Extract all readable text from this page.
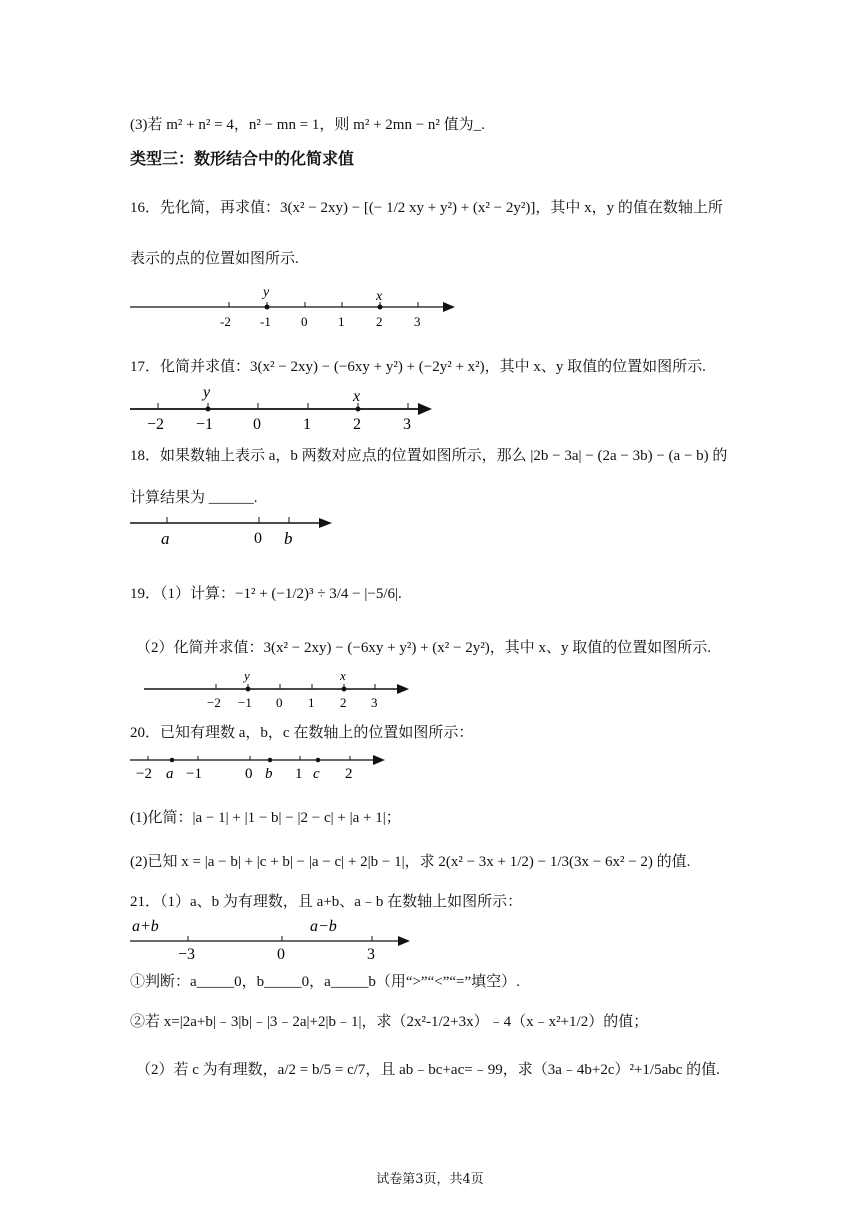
(3)若 m² + n² = 4，n² − mn = 1，则 m² + 2mn − n² 值为_.
类型三：数形结合中的化简求值
16．先化简，再求值：3(x² − 2xy) − [(− 1/2 xy + y²) + (x² − 2y²)]，其中 x，y 的值在数轴上所
表示的点的位置如图所示.
-2 -1 0 1 2 3
y	x
17．化简并求值：3(x² − 2xy) − (−6xy + y²) + (−2y² + x²)，其中 x、y 取值的位置如图所示.
−2 −1 0	1	2	3
y	x
18．如果数轴上表示 a，b 两数对应点的位置如图所示，那么 |2b − 3a| − (2a − 3b) − (a − b) 的
计算结果为 ______.
a	0 b
19．（1）计算：−1² + (−1/2)³ ÷ 3/4 − |−5/6|.
（2）化简并求值：3(x² − 2xy) − (−6xy + y²) + (x² − 2y²)，其中 x、y 取值的位置如图所示.
−2 −1 0 1 2 3
y	x
20．已知有理数 a，b，c 在数轴上的位置如图所示：
−2 a −1	0 b 1 c 2
(1)化简：|a − 1| + |1 − b| − |2 − c| + |a + 1|；
(2)已知 x = |a − b| + |c + b| − |a − c| + 2|b − 1|，求 2(x² − 3x + 1/2) − 1/3(3x − 6x² − 2) 的值.
21．（1）a、b 为有理数，且 a+b、a﹣b 在数轴上如图所示：
a+b	a−b
−3	0	3
①判断：a_____0，b_____0，a_____b（用“>”“<”“=”填空）.
②若 x=|2a+b|﹣3|b|﹣|3﹣2a|+2|b﹣1|，求（2x²-1/2+3x）﹣4（x﹣x²+1/2）的值；
（2）若 c 为有理数，a/2 = b/5 = c/7，且 ab﹣bc+ac=﹣99，求（3a﹣4b+2c）²+1/5abc 的值.
试卷第3页，共4页
